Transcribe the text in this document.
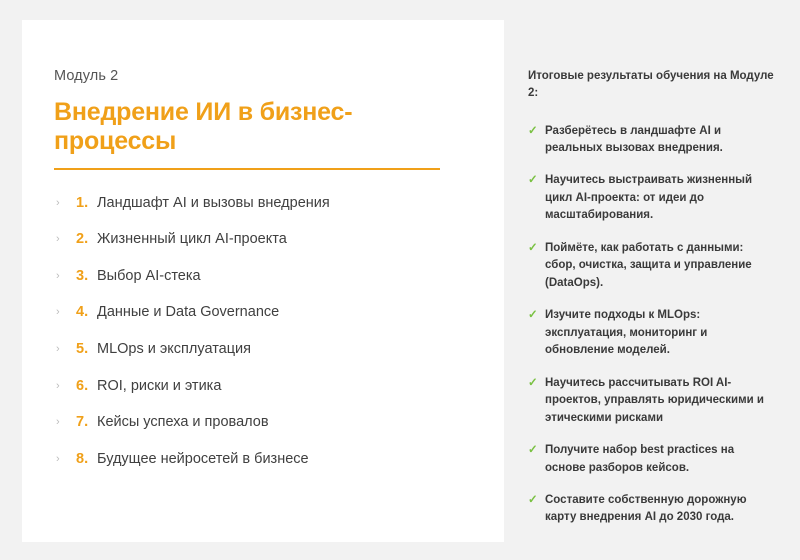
Модуль 2

Внедрение ИИ в бизнес-процессы
› 1. Ландшафт AI и вызовы внедрения
› 2. Жизненный цикл AI-проекта
› 3. Выбор AI-стека
› 4. Данные и Data Governance
› 5. MLOps и эксплуатация
› 6. ROI, риски и этика
› 7. Кейсы успеха и провалов
› 8. Будущее нейросетей в бизнесе

Итоговые результаты обучения на Модуле 2:

✓ Разберётесь в ландшафте AI и реальных вызовах внедрения.
✓ Научитесь выстраивать жизненный цикл AI-проекта: от идеи до масштабирования.
✓ Поймёте, как работать с данными: сбор, очистка, защита и управление (DataOps).
✓ Изучите подходы к MLOps: эксплуатация, мониторинг и обновление моделей.
✓ Научитесь рассчитывать ROI AI-проектов, управлять юридическими и этическими рисками
✓ Получите набор best practices на основе разборов кейсов.
✓ Составите собственную дорожную карту внедрения AI до 2030 года.
